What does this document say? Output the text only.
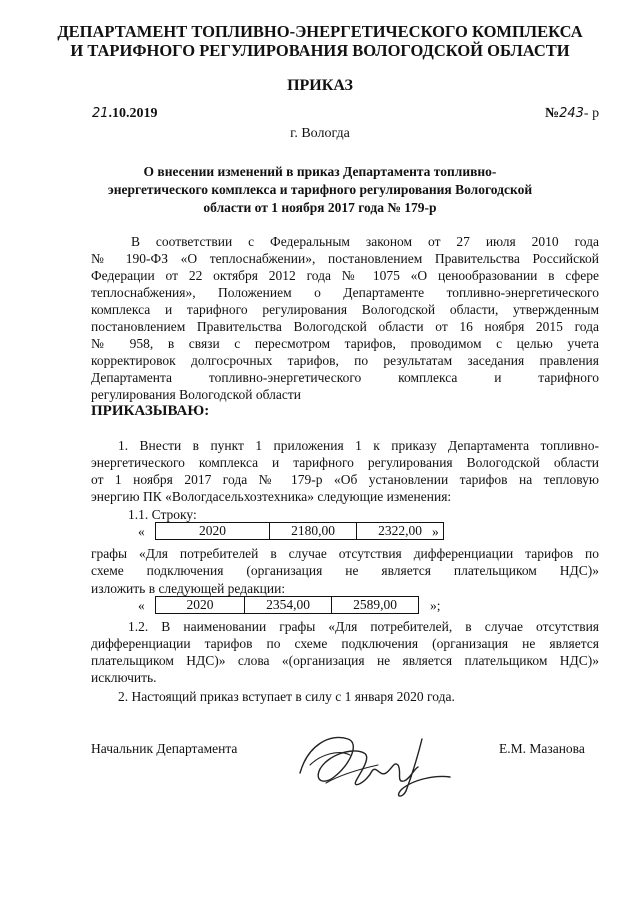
ДЕПАРТАМЕНТ ТОПЛИВНО-ЭНЕРГЕТИЧЕСКОГО КОМПЛЕКСА
И ТАРИФНОГО РЕГУЛИРОВАНИЯ ВОЛОГОДСКОЙ ОБЛАСТИ
ПРИКАЗ
21.10.2019	№243- р
г. Вологда
О внесении изменений в приказ Департамента топливно-
энергетического комплекса и тарифного регулирования Вологодской
области от 1 ноября 2017 года № 179-р
В соответствии с Федеральным законом от 27 июля 2010 года
№ 190-ФЗ «О теплоснабжении», постановлением Правительства Российской
Федерации от 22 октября 2012 года № 1075 «О ценообразовании в сфере
теплоснабжения», Положением о Департаменте топливно-энергетического
комплекса и тарифного регулирования Вологодской области, утвержденным
постановлением Правительства Вологодской области от 16 ноября 2015 года
№ 958, в связи с пересмотром тарифов, проводимом с целью учета
корректировок долгосрочных тарифов, по результатам заседания правления
Департамента топливно-энергетического комплекса и тарифного
регулирования Вологодской области
ПРИКАЗЫВАЮ:
1. Внести в пункт 1 приложения 1 к приказу Департамента топливно-
энергетического комплекса и тарифного регулирования Вологодской области
от 1 ноября 2017 года № 179-р «Об установлении тарифов на тепловую
энергию ПК «Вологдасельхозтехника» следующие изменения:
1.1. Строку:
«	2020	2180,00	2322,00 »
графы «Для потребителей в случае отсутствия дифференциации тарифов по
схеме подключения (организация не является плательщиком НДС)»
изложить в следующей редакции:
«	2020	2354,00	2589,00 »;
1.2. В наименовании графы «Для потребителей, в случае отсутствия
дифференциации тарифов по схеме подключения (организация не является
плательщиком НДС)» слова «(организация не является плательщиком НДС)»
исключить.
2. Настоящий приказ вступает в силу с 1 января 2020 года.
Начальник Департамента	Е.М. Мазанова
